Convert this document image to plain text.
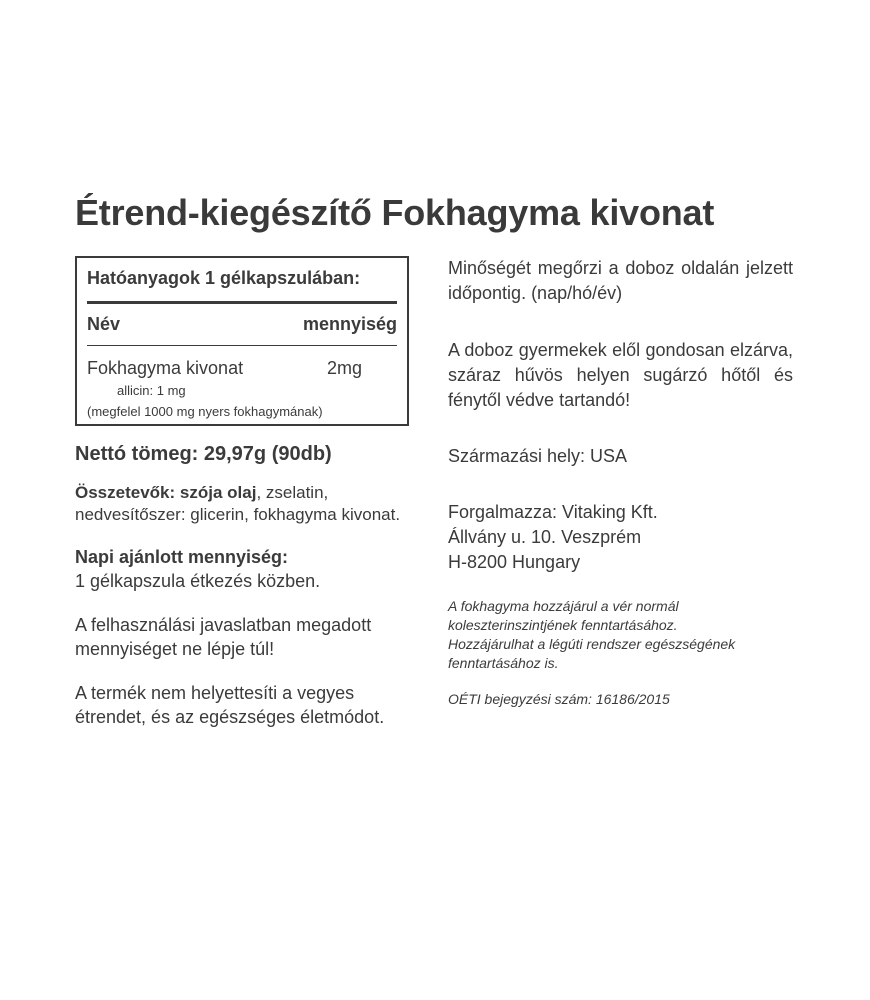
Étrend-kiegészítő Fokhagyma kivonat
Hatóanyagok 1 gélkapszulában:
Név	mennyiség
Fokhagyma kivonat	2mg
allicin: 1 mg
(megfelel 1000 mg nyers fokhagymának)
Nettó tömeg: 29,97g (90db)
Összetevők: szója olaj, zselatin, nedvesítőszer: glicerin, fokhagyma kivonat.

Napi ajánlott mennyiség:

1 gélkapszula étkezés közben.

A felhasználási javaslatban megadott mennyiséget ne lépje túl!

A termék nem helyettesíti a vegyes étrendet, és az egészséges életmódot.

Minőségét megőrzi a doboz oldalán jelzett időpontig. (nap/hó/év)

A doboz gyermekek elől gondosan elzárva, száraz hűvös helyen sugárzó hőtől és fénytől védve tartandó!

Származási hely: USA

Forgalmazza: Vitaking Kft.

Állvány u. 10. Veszprém

H-8200 Hungary

A fokhagyma hozzájárul a vér normál koleszterinszintjének fenntartásához.
Hozzájárulhat a légúti rendszer egészségének fenntartásához is.
OÉTI bejegyzési szám: 16186/2015
